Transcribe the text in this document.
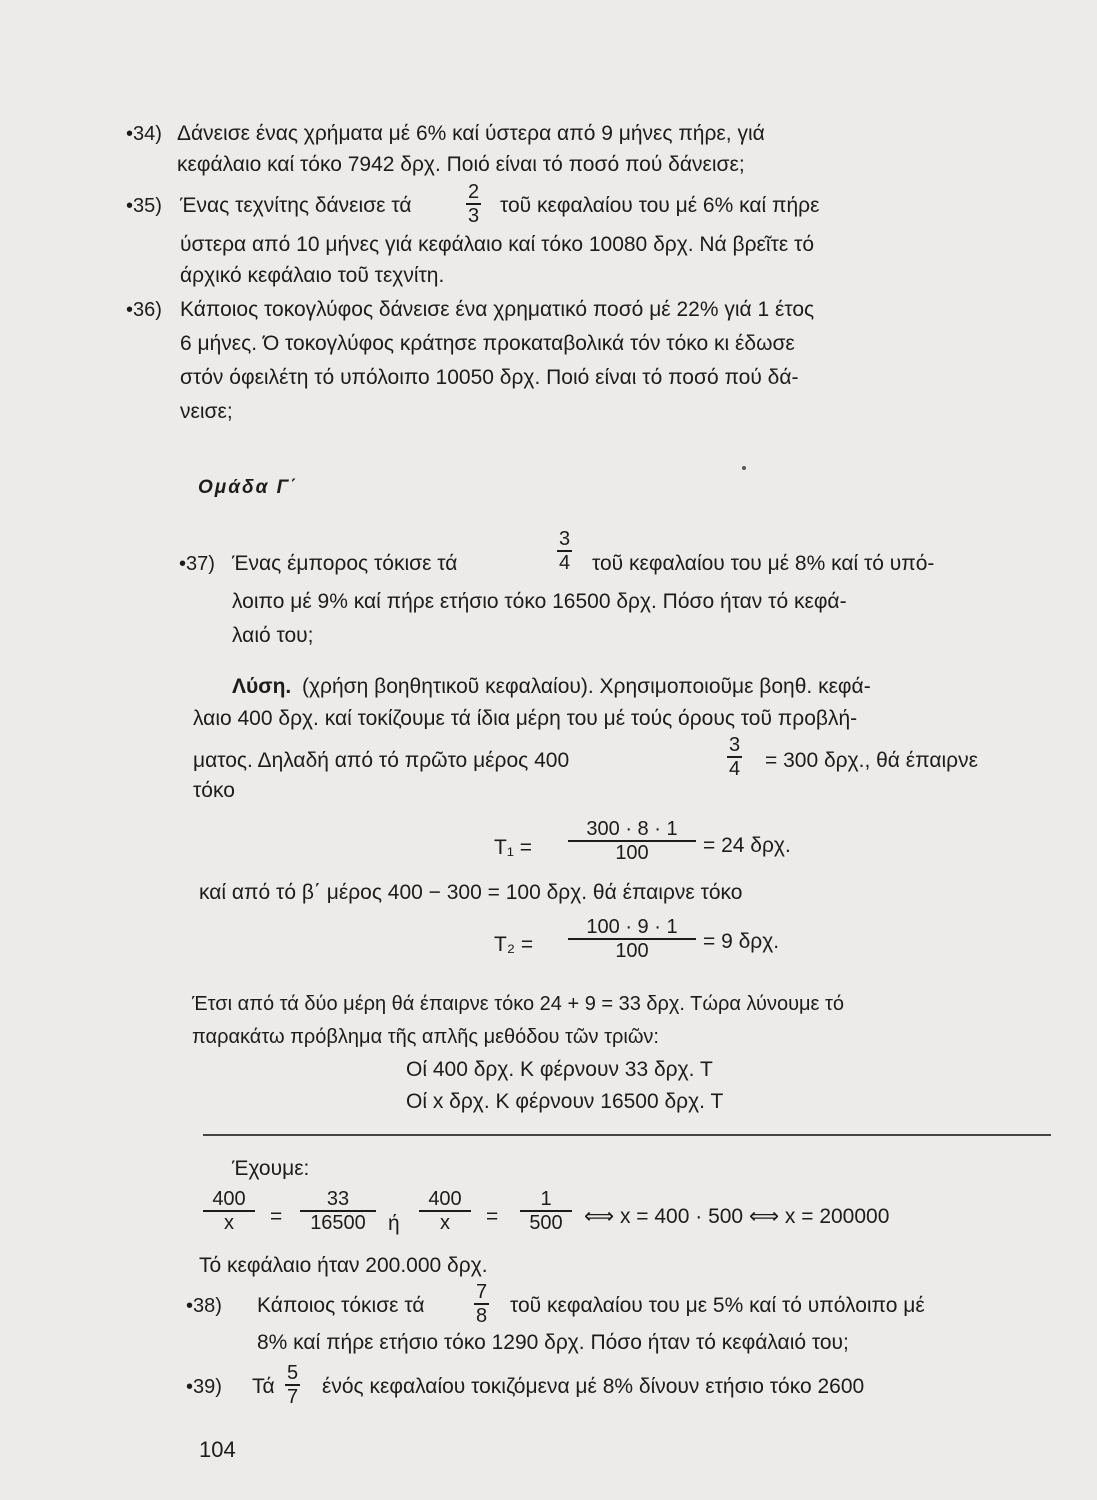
•34) Δάνεισε ένας χρήματα μέ 6% καί ύστερα από 9 μήνες πήρε, γιά
κεφάλαιο καί τόκο 7942 δρχ. Ποιό είναι τό ποσό πού δάνεισε;
•35) Ένας τεχνίτης δάνεισε τά	$\frac{2}{3}$ τοῦ κεφαλαίου του μέ 6% καί πήρε
ύστερα από 10 μήνες γιά κεφάλαιο καί τόκο 10080 δρχ. Νά βρεῖτε τό
άρχικό κεφάλαιο τοῦ τεχνίτη.
•36) Κάποιος τοκογλύφος δάνεισε ένα χρηματικό ποσό μέ 22% γιά 1 έτος
6 μήνες. Ό τοκογλύφος κράτησε προκαταβολικά τόν τόκο κι έδωσε
στόν όφειλέτη τό υπόλοιπο 10050 δρχ. Ποιό είναι τό ποσό πού δά-
νεισε;
Ομάδα Γ΄
•37) Ένας έμπορος τόκισε τά	$\frac{3}{4}$ τοῦ κεφαλαίου του μέ 8% καί τό υπό-
λοιπο μέ 9% καί πήρε ετήσιο τόκο 16500 δρχ. Πόσο ήταν τό κεφά-
λαιό του;
Λύση. (χρήση βοηθητικοῦ κεφαλαίου). Χρησιμοποιοῦμε βοηθ. κεφά-
λαιο 400 δρχ. καί τοκίζουμε τά ίδια μέρη του μέ τούς όρους τοῦ προβλή-
ματος. Δηλαδή από τό πρῶτο μέρος 400	$\frac{3}{4} = 300$ δρχ., θά έπαιρνε
τόκο
$T_1 = \frac{300 \cdot 8 \cdot 1}{100} = 24$ δρχ.
καί από τό β΄ μέρος 400 − 300 = 100 δρχ. θά έπαιρνε τόκο
$T_2 = \frac{100 \cdot 9 \cdot 1}{100} = 9$ δρχ.
Έτσι από τά δύο μέρη θά έπαιρνε τόκο 24 + 9 = 33 δρχ. Τώρα λύνουμε τό
παρακάτω πρόβλημα τῆς απλῆς μεθόδου τῶν τριῶν:
Οί 400 δρχ. Κ φέρνουν 33 δρχ. Τ
Οί x δρχ. Κ φέρνουν 16500 δρχ. Τ
Έχουμε:
$\frac{400}{x} = \frac{33}{16500}$ ή $\frac{400}{x} = \frac{1}{500}$ ⟺ x = 400 · 500 ⟺ x = 200000
Τό κεφάλαιο ήταν 200.000 δρχ.
•38) Κάποιος τόκισε τά $\frac{7}{8}$ τοῦ κεφαλαίου του με 5% καί τό υπόλοιπο μέ
8% καί πήρε ετήσιο τόκο 1290 δρχ. Πόσο ήταν τό κεφάλαιό του;
•39) Τά $\frac{5}{7}$ ένός κεφαλαίου τοκιζόμενα μέ 8% δίνουν ετήσιο τόκο 2600
104
